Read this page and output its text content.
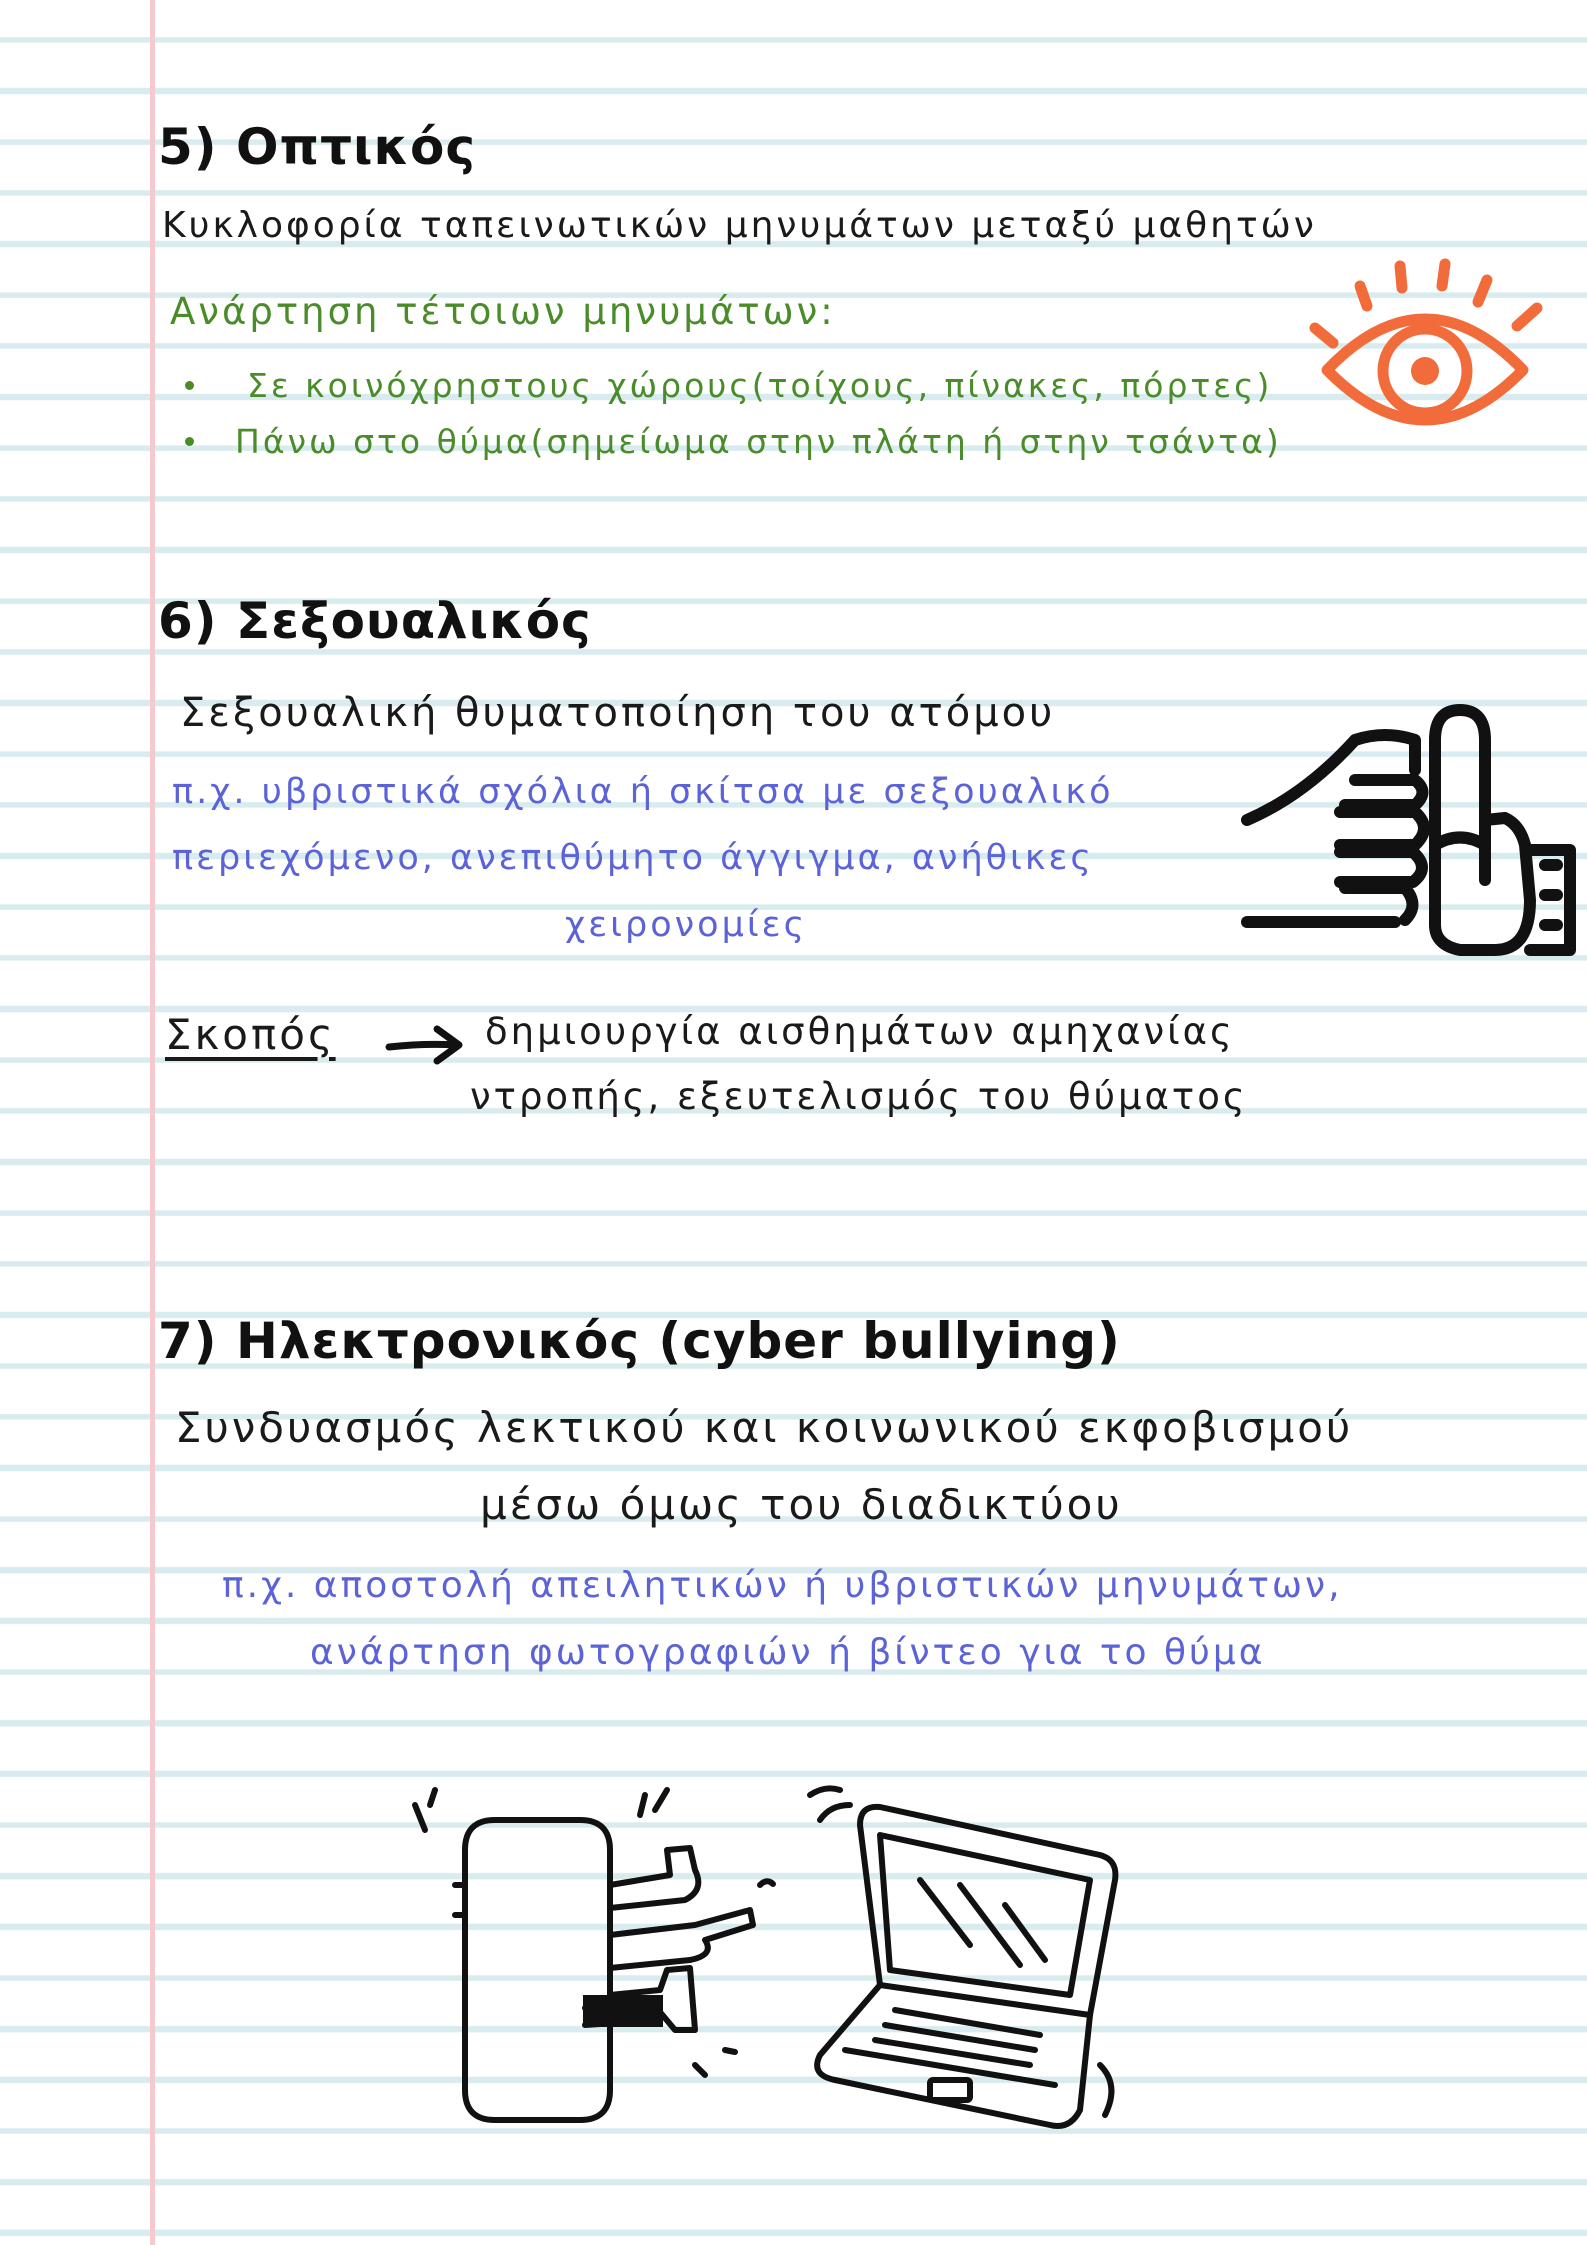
5) Οπτικός

Κυκλοφορία ταπεινωτικών μηνυμάτων μεταξύ μαθητών

Ανάρτηση τέτοιων μηνυμάτων:

Σε κοινόχρηστους χώρους(τοίχους, πίνακες, πόρτες)
Πάνω στο θύμα(σημείωμα στην πλάτη ή στην τσάντα)
6) Σεξουαλικός

Σεξουαλική θυματοποίηση του ατόμου

π.χ. υβριστικά σχόλια ή σκίτσα με σεξουαλικό

περιεχόμενο, ανεπιθύμητο άγγιγμα, ανήθικες

χειρονομίες

Σκοπός	δημιουργία αισθημάτων αμηχανίας

ντροπής, εξευτελισμός του θύματος

7) Ηλεκτρονικός (cyber bullying)

Συνδυασμός λεκτικού και κοινωνικού εκφοβισμού

μέσω όμως του διαδικτύου

π.χ. αποστολή απειλητικών ή υβριστικών μηνυμάτων,

ανάρτηση φωτογραφιών ή βίντεο για το θύμα
